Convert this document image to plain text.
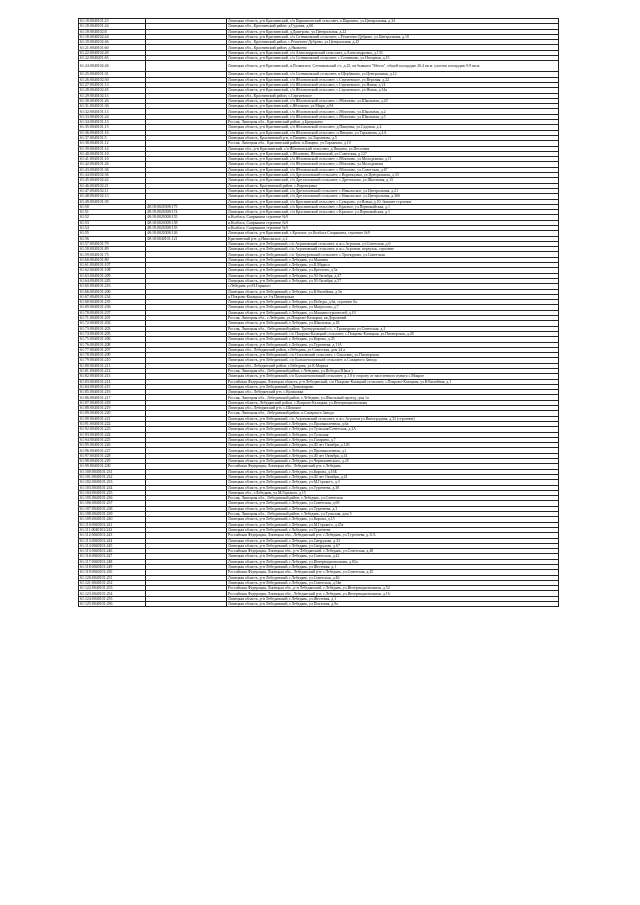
61:18:0040101:23		Липецкая область, р-н Краснинский, с/п Паршиновский сельсовет, п.Паршино, ул.Центральная, д.34
61:18:0040101:24		Липецкая обл., Краснинский район, д.Гудовка, д.60
61:18:0040102:8		Липецкая область, р-н Краснинский, д.Дмитрово, ул.Центральная, д.22
61:18:0040102:44		Липецкая область, р-н Краснинский, с/п Сотниковский сельсовет, с.Решетово-Дуброво, ул.Центральная, д.10
61:18:0040102:46		Липецкая обл., Краснинский район, с.Решетово-Дуброво, ул.Центральная, д.25
61:21:0040101:60		Липецкая обл., Краснинский район, д.Яковлево
61:22:0040102:49		Липецкая область, р-н Краснинский, с/п Александровский сельсовет, д.Александровка, д.133
61:22:0040201:65		Липецкая область, р-н Краснинский, с/п Сотниковский сельсовет, с.Сотниково, ул.Нагорная, д.15
61:24:0040102:26		Липецкая область, р-н Краснинский, п.Полянское, Сотниковский с/с, д.25, на бывшем "Мечта", общей площадью 26,4 кв.м. участок площадью 9,9 кв.м.
61:25:0040101:31		Липецкая область, р-н Краснинский, с/п Сотниковский сельсовет, п.Щербаково, ул.Центральная, д.12
61:26:0040102:30		Липецкая область, р-н Краснинский, с/п Яблоновский сельсовет, с.Сергиевское, ул.Верхняя, д.22
61:27:0040101:13		Липецкая область, р-н Краснинский, с/п Яблоновский сельсовет, с.Сергиевское, ул.Новая, д.14
61:28:0040102:45		Липецкая область, р-н Краснинский, с/п Яблоновский сельсовет, с.Сергиевское, ул.Новая, д.34а
61:29:0040102:13		Липецкая обл., Краснинский район, с.Сергиевское
61:30:0040101:26		Липецкая область, р-н Краснинский, с/п Яблоновский сельсовет, с.Яблоново, ул.Школьная, д.20
61:31:0040101:36		Липецкая область, р-н Краснинский, с.Яблоново, ул.Мира, д.94
61:32:0040101:13		Липецкая область, р-н Краснинский, с/п Яблоновский сельсовет, с.Яблоново, ул.Школьная, д.2
61:33:0040101:24		Липецкая область, р-н Краснинский, с/п Яблоновский сельсовет, с.Яблоново, ул.Школьная, д.5
61:34:0040101:15		Россия, Липецкая обл., Краснинский район, д.Бредихино
61:35:0040101:15		Липецкая область, р-н Краснинский, с/п Яблоновский сельсовет, д.Пищевка, ул.Садовая, д.2
61:36:0040101:16		Липецкая область, р-н Краснинский, с/п Яблоновский сельсовет, п.Пищево, ул.Тарханова, д.4А
61:37:0040101:5		Липецкая область, Краснинский р-н, п.Пищево, ул.Тарханова, д.5
61:38:0040101:12		Россия, Липецкая обл., Краснинский район, п.Пищево, ул.Тарханова, д.10
61:39:0040101:14		Липецкая обл., р-н Краснинский, с/п Яблоновский сельсовет, д.Пищево, ул.Песочная
61:40:0040101:10		Липецкая область, р-н Краснинский, с.Яблоново, Яблоновский, ул.Советская, д.127
61:41:0040101:16		Липецкая область, р-н Краснинский, с/п Яблоновский сельсовет, с.Яблоново, ул.Молодежная, д.11
61:42:0040101:26		Липецкая область, р-н Краснинский, с/п Яблоновский сельсовет, с.Яблоново, ул.Молодежная
61:43:0040101:36		Липецкая область, р-н Краснинский, с/п Яблоновский сельсовет, с.Яблоново, ул.Советская, д.67
61:44:0040102:36		Липецкая область, р-н Краснинский, с/п Дрезгаловский сельсовет, с.Воронцовка, ул.Центральная, д.33
61:45:0040102:42		Липецкая область, р-н Краснинский, с/п Дрезгаловский сельсовет, с.Дрезгалово, ул.Школьная, д.15
61:46:0040102:21		Липецкая область, Краснинский район, с.Воронцовка
61:47:0040102:11		Липецкая область, р-н Краснинский, с/п Дрезгаловский сельсовет, с.Никольское, ул.Центральная, д.21
61:48:0040102:13		Липецкая область, р-н Краснинский, с/п Дрезгаловский сельсовет, с.Никольское, ул.Центральная, д.36б
61:49:0040101:39		Липецкая область, р-н Краснинский, с/п Краснинский сельсовет, с.Суворово, ул.Новая, д.10, бывшее строение
61:50	48:18:0020308:175	Липецкая область, р-н Краснинский, с/п Краснинский сельсовет, с.Красное, ул.Первомайская, д.1
61:51	48:18:0020308:174	Липецкая область, р-н Краснинский, с/п Краснинский сельсовет, с.Красное, ул.Первомайская, д.1
61:52	48:18:0020308:155	п.Колбаса, Сапрыкина строение №9
61:53	48:18:0020308:158	п.Колбаса, Сапрыкина строение №9
61:54	48:18:0020308:155	п.Колбаса, Сапрыкина строение №9
61:55	48:18:0020308:126	Липецкая область, р-н Краснинский, с.Красное, ул.Колбаса Сапрыкина, строение №9
61:56	48:18:0040101:121	Краснинский р-н, д.Никольское, д.2
61:57:0040101:79		Липецкая область, р-н Лебедянский, с/п Агроновский сельсовет, п.ж.с.Агроном, ул.Советская, д.6
61:58:0040101:89		Липецкая область, р-н Лебедянский, с/п Агроновский сельсовет, п.ж.с.Агроном, переулок, строение
61:59:0040101:75		Липецкая область, р-н Лебедянский, с/п Троекуровский сельсовет, с.Троекурово, ул.Советская
61:60:0040101:80		Липецкая область, р-н Лебедянский, г.Лебедянь, ул.Машина
61:61:0040101:107		Липецкая область, р-н Лебедянский, г.Лебедянь, ул.К.Маркса
61:62:0040101:108		Липецкая область, р-н Лебедянский, г.Лебедянь, ул.Креглова, д.5а
61:63:0040101:209		Липецкая область, р-н Лебедянский, г.Лебедянь, ул.50 Октября, д.47
61:64:0040101:245		Липецкая область, р-н Лебедянский, г.Лебедянь, ул.50 Октября, д.57
61:65:0040101:216		г.Лебедянь ул.М.Горького
61:66:0040101:206		Липецкая область, р-н Лебедянский, г.Лебедянь, ул.Юбилейная, д.5в
61:67:0040101:234		п.Покрово-Казацкая, ул.1-я Пионерская
61:68:0040101:235		Липецкая область, р-н Лебедянский, г.Лебедянь, ул.Победы, д.6а, строение 6а
61:69:0040101:236		Липецкая область, р-н Лебедянский, г.Лебедянь, ул.Матросова, д.7
61:70:0040101:237		Липецкая область, р-н Лебедянский, г.Лебедянь, ул.Машиностроителей, д.10
61:71:0040101:201		Россия, Липецкая обл., г.Лебедянь, ул.Покрово-Казацкая, кв.Дорожный
61:72:0040101:202		Липецкая область, р-н Лебедянский, г.Лебедянь, ул.Школьная, д.18
61:73:0040101:203		Россия, Липецкая обл., Лебедянский район, Троекуровский с/с, с.Троекурово ул.Советская, д.2
61:74:0040101:205		Липецкая область, р-н Лебедянский, с/п Покрово-Казацкий сельсовет, с.Покрово-Казацкая, ул.Пионерская, д.28
61:75:0040101:206		Липецкая область, р-н Лебедянский, г.Лебедянь, ул.Кирова, д.35
61:76:0040101:208		Липецкая область, р-н Лебедянский, г.Лебедянь, ул.Тургенева, д.11А
61:77:0040101:207		Липецкая обл., Лебедянский район, г.Лебедянь, ул.Советская, дом 24 а
61:78:0040101:209		Липецкая область, р-н Лебедянский, с/п Ольховский сельсовет, с.Ольховец, ул.Пионерская
61:79:0040101:210		Липецкая область, р-н Лебедянский, с/п Большепоповский сельсовет, п.Сахарного Завода
61:80:0040101:211		Липецкая обл., Лебедянский район, г.Лебедянь, ул.К.Маркса
61:81:0040101:212		Россия, Липецкая обл., Лебедянский район, г.Лебедянь, ул.Победы (Школ.)
61:82:0040101:213		Липецкая область, р-н Лебедянский, с/п Большепоповский сельсовет, д.1.0 в сторону от населенного пункта с.Мокрое
61:83:0040101:214		Российская Федерация, Липецкая область, р-н Лебедянский, с/п Покрово-Казацкий сельсовет, с.Покрово-Казацкая, ул.Юбилейная, д.1
61:84:0040101:215		Липецкая область, р-н Лебедянский, с.Доможирово
61:85:0040101:216		Липецкая обл., Лебедянский р-н, с.Куликовка
61:86:0040101:217		Россия, Липецкая обл., Лебедянский район, г.Лебедянь, ул.Школьный проезд, дом 1а
61:87:0040101:218		Липецкая область, Лебедянский район, с.Покрово-Казацкая, ул.Интернациональная
61:88:0040101:219		Липецкая обл., Лебедянский р-н, с.Шовское
61:89:0040101:220		Россия, Липецкая обл., Лебедянский район, п.Сахарного Завода
61:90:0040101:221		Липецкая область, р-н Лебедянский, с/п Агроновский сельсовет, п.ж.с.Агроном ул.Виноградная, д.32 (строение)
61:91:0040101:222		Липецкая область, р-н Лебедянский, г.Лебедянь, ул.Промышленная, д.6а
61:92:0040101:223		Липецкая область, р-н Лебедянский, г.Лебедянь, ул.Тульская/Советская, д.2А
61:93:0040101:224		Липецкая область, р-н Лебедянский, г.Лебедянь, ул.Тульская
61:94:0040101:225		Липецкая область, р-н Лебедянский, г.Лебедянь, ул.Гагарина, д.7
61:95:0040101:226		Липецкая область, р-н Лебедянский, г.Лебедянь, ул.40 лет Октября, д.126
61:96:0040101:227		Липецкая область, р-н Лебедянский, г.Лебедянь, ул.Промышленная, д.1
61:97:0040101:228		Липецкая область, р-н Лебедянский, г.Лебедянь, ул.40 лет Октября, д.41
61:98:0040101:229		Липецкая область, р-н Лебедянский, г.Лебедянь, ул.Чернышевского, д.25
61:99:0040101:230		Российская Федерация, Липецкая обл., Лебедянский р-н, г.Лебедянь
61:100:0040101:231		Липецкая область, р-н Лебедянский, г.Лебедянь, ул.Кирова, д.16Б
61:101:0040101:232		Липецкая область, р-н Лебедянский, г.Лебедянь, ул.40 лет Октября, д.41
61:102:0040101:233		Липецкая область, р-н Лебедянский, г.Лебедянь, ул.М.Горького, д.3
61:103:0040101:234		Липецкая область, р-н Лебедянский, г.Лебедянь, ул.Тургенева, д.38
61:104:0040101:235		Липецкая обл., г.Лебедянь, ул.М.Горького, д.15
61:105:0040101:236		Россия, Липецкая обл., Лебедянский район, г.Лебедянь, ул.Советская
61:106:0040101:237		Липецкая область, р-н Лебедянский, г.Лебедянь, ул.Советская, д.69
61:107:0040101:238		Липецкая область, р-н Лебедянский, г.Лебедянь, ул.Тургенева, д.3
61:108:0040101:239		Россия, Липецкая обл., Лебедянский район, г.Лебедянь, ул.Тульская, дом 5
61:109:0040101:240		Липецкая область, р-н Лебедянский, г.Лебедянь, ул.Кирова, д.15
61:110:0040101:241		Липецкая область, р-н Лебедянский, г.Лебедянь, ул.М.Горького, д.25а
61:111:0040101:242		Липецкая область, р-н Лебедянский, г.Лебедянь, ул.Тургенева
61:112:0040101:243		Российская Федерация, Липецкая обл., Лебедянский р-н, г.Лебедянь, ул.Тургенева, д.11А
61:113:0040101:244		Липецкая область, р-н Лебедянский, г.Лебедянь, ул.Свердлова, д.33
61:114:0040101:245		Липецкая область, р-н Лебедянский, г.Лебедянь, ул.Свердлова, д.67
61:115:0040101:246		Российская Федерация, Липецкая обл., р-н Лебедянский, г.Лебедянь, ул.Советская, д.48
61:116:0040101:247		Липецкая область, р-н Лебедянский, г.Лебедянь, ул.Советская, д.42
61:117:0040101:248		Липецкая область, р-н Лебедянский, г.Лебедянь, ул.Интернациональная, д.82а
61:118:0040101:249		Липецкая область, р-н Лебедянский, г.Лебедянь, ул.Жестевая, д.1
61:119:0040101:250		Российская Федерация, Липецкая обл., Лебедянский р-н, г.Лебедянь, ул.Советская, д.45
61:120:0040101:251		Липецкая область, р-н Лебедянский, г.Лебедянь, ул.Советская, д.46
61:121:0040101:252		Липецкая область, р-н Лебедянский, г.Лебедянь, ул.Советская, д.54в
61:122:0040101:253		Российская Федерация, Липецкая обл., р-н Лебедянский, г.Лебедянь, ул.Интернациональная, д.52
61:123:0040101:254		Российская Федерация, Липецкая обл., Лебедянский р-н, г.Лебедянь, ул.Интернациональная, д.16
61:124:0040101:255		Липецкая область, р-н Лебедянский, г.Лебедянь, ул.Жестевая, д.1
61:125:0040101:256		Липецкая область, р-н Лебедянский, г.Лебедянь, ул.Почтовая, д.9а
